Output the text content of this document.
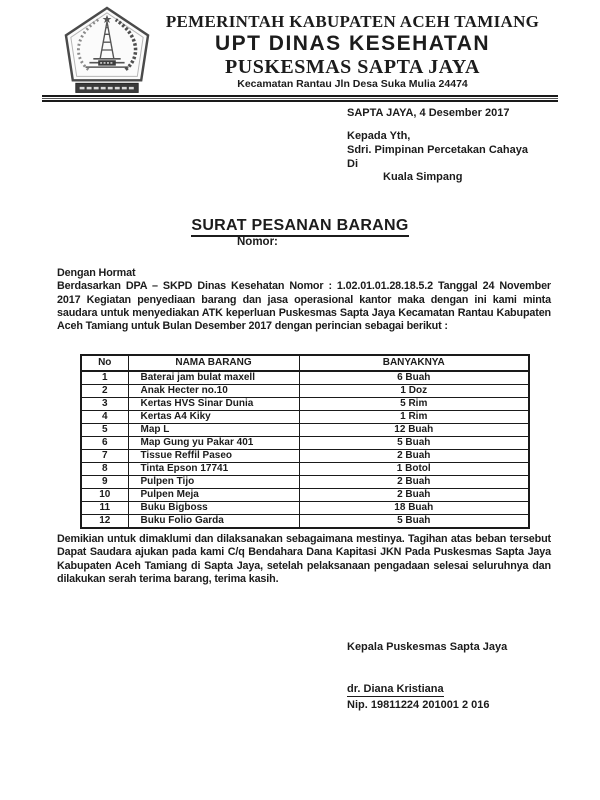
PEMERINTAH KABUPATEN ACEH TAMIANG
UPT DINAS KESEHATAN
PUSKESMAS SAPTA JAYA
Kecamatan Rantau Jln Desa Suka Mulia 24474
SAPTA JAYA, 4 Desember 2017
Kepada Yth,
Sdri. Pimpinan Percetakan Cahaya
Di
Kuala Simpang
SURAT PESANAN BARANG
Nomor:
Dengan Hormat
Berdasarkan DPA – SKPD Dinas Kesehatan Nomor : 1.02.01.01.28.18.5.2 Tanggal 24 November 2017 Kegiatan penyediaan barang dan jasa operasional kantor maka dengan ini kami minta saudara untuk menyediakan ATK keperluan Puskesmas Sapta Jaya Kecamatan Rantau Kabupaten Aceh Tamiang untuk Bulan Desember 2017 dengan perincian sebagai berikut :
No	NAMA BARANG	BANYAKNYA
1	Baterai jam bulat maxell	6 Buah
2	Anak Hecter no.10	1 Doz
3	Kertas HVS Sinar Dunia	5 Rim
4	Kertas A4 Kiky	1 Rim
5	Map L	12 Buah
6	Map Gung yu Pakar 401	5 Buah
7	Tissue Reffil Paseo	2 Buah
8	Tinta Epson 17741	1 Botol
9	Pulpen Tijo	2 Buah
10	Pulpen Meja	2 Buah
11	Buku Bigboss	18 Buah
12	Buku Folio Garda	5 Buah
Demikian untuk dimaklumi dan dilaksanakan sebagaimana mestinya. Tagihan atas beban tersebut Dapat Saudara ajukan pada kami C/q Bendahara Dana Kapitasi JKN Pada Puskesmas Sapta Jaya Kabupaten Aceh Tamiang di Sapta Jaya, setelah pelaksanaan pengadaan selesai seluruhnya dan dilakukan serah terima barang, terima kasih.
Kepala Puskesmas Sapta Jaya
dr. Diana Kristiana
Nip. 19811224 201001 2 016
